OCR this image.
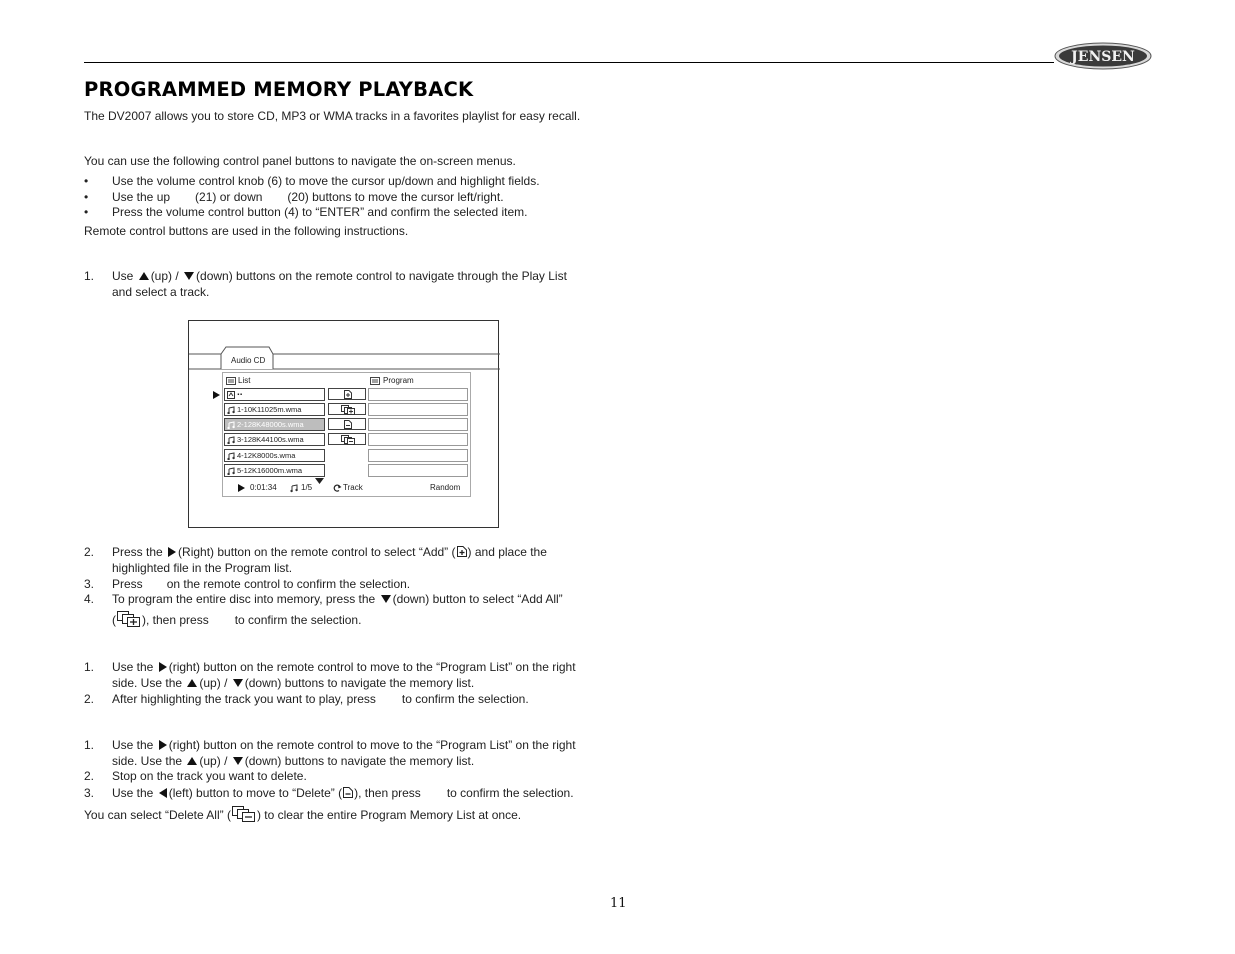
JENSEN
PROGRAMMED MEMORY PLAYBACK
The DV2007 allows you to store CD, MP3 or WMA tracks in a favorites playlist for easy recall.
You can use the following control panel buttons to navigate the on-screen menus.
• Use the volume control knob (6) to move the cursor up/down and highlight fields.
• Use the up (21) or down (20) buttons to move the cursor left/right.
• Press the volume control button (4) to “ENTER” and confirm the selected item.
Remote control buttons are used in the following instructions.
1. Use (up) / (down) buttons on the remote control to navigate through the Play List
and select a track.
Audio CD
List	Program
..
1-10K11025m.wma
2-128K48000s.wma
3-128K44100s.wma
4-12K8000s.wma
5-12K16000m.wma
0:01:34	1/5	Track	Random
2. Press the (Right) button on the remote control to select “Add” ( ) and place the
highlighted file in the Program list.
3. Press on the remote control to confirm the selection.
4. To program the entire disc into memory, press the (down) button to select “Add All”
( ), then press to confirm the selection.
1. Use the (right) button on the remote control to move to the “Program List” on the right
side. Use the (up) / (down) buttons to navigate the memory list.
2. After highlighting the track you want to play, press to confirm the selection.
1. Use the (right) button on the remote control to move to the “Program List” on the right
side. Use the (up) / (down) buttons to navigate the memory list.
2. Stop on the track you want to delete.
3. Use the (left) button to move to “Delete” ( ), then press to confirm the selection.
You can select “Delete All” ( ) to clear the entire Program Memory List at once.
11
